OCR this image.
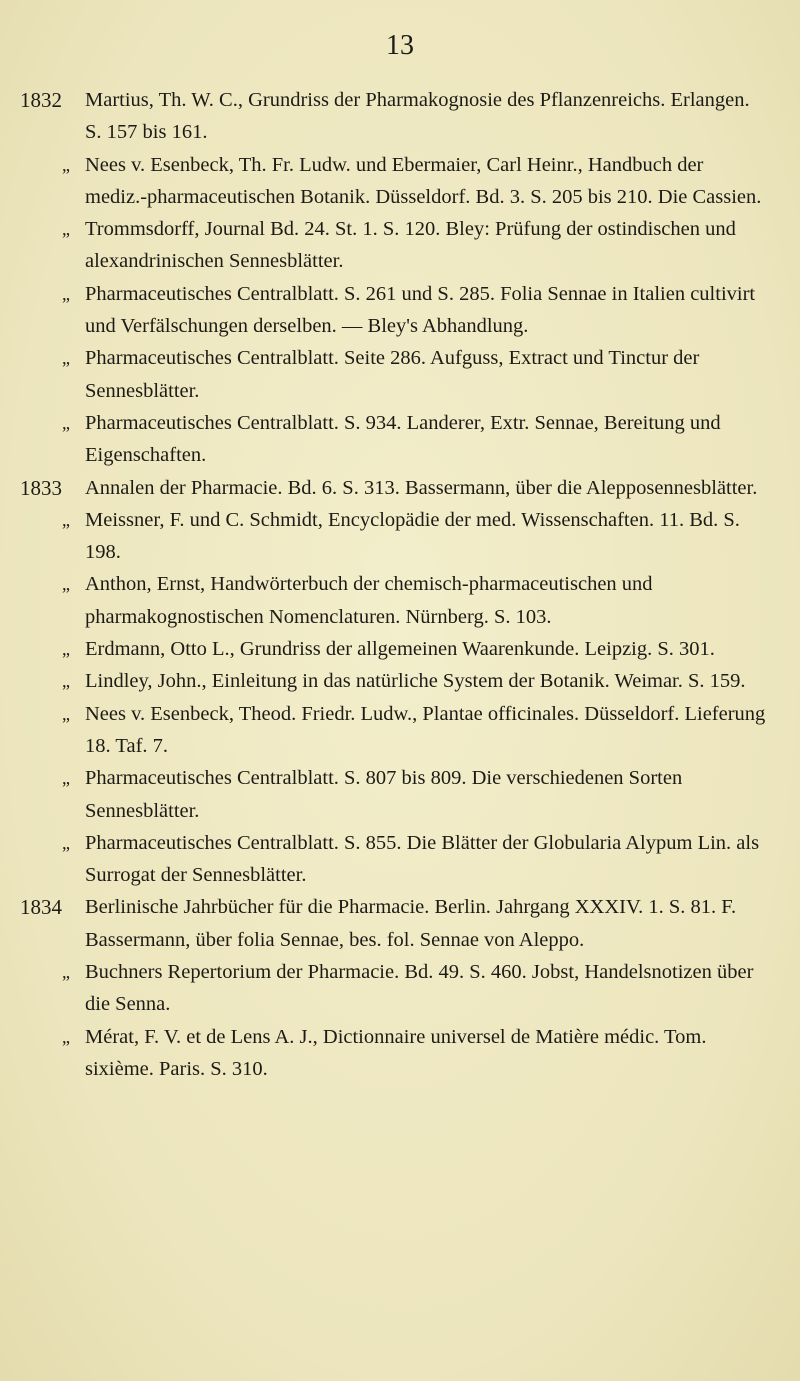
13
1832	Martius, Th. W. C., Grundriss der Pharmakognosie des Pflanzenreichs. Erlangen. S. 157 bis 161.
„ Nees v. Esenbeck, Th. Fr. Ludw. und Ebermaier, Carl Heinr., Handbuch der mediz.-pharmaceutischen Botanik. Düsseldorf. Bd. 3. S. 205 bis 210. Die Cassien.
„ Trommsdorff, Journal Bd. 24. St. 1. S. 120. Bley: Prüfung der ostindischen und alexandrinischen Sennesblätter.
„ Pharmaceutisches Centralblatt. S. 261 und S. 285. Folia Sennae in Italien cultivirt und Verfälschungen derselben. — Bley's Abhandlung.
„ Pharmaceutisches Centralblatt. Seite 286. Aufguss, Extract und Tinctur der Sennesblätter.
„ Pharmaceutisches Centralblatt. S. 934. Landerer, Extr. Sennae, Bereitung und Eigenschaften.
1833	Annalen der Pharmacie. Bd. 6. S. 313. Bassermann, über die Alepposennesblätter.
„ Meissner, F. und C. Schmidt, Encyclopädie der med. Wissenschaften. 11. Bd. S. 198.
„ Anthon, Ernst, Handwörterbuch der chemisch-pharmaceutischen und pharmakognostischen Nomenclaturen. Nürnberg. S. 103.
„ Erdmann, Otto L., Grundriss der allgemeinen Waarenkunde. Leipzig. S. 301.
„ Lindley, John., Einleitung in das natürliche System der Botanik. Weimar. S. 159.
„ Nees v. Esenbeck, Theod. Friedr. Ludw., Plantae officinales. Düsseldorf. Lieferung 18. Taf. 7.
„ Pharmaceutisches Centralblatt. S. 807 bis 809. Die verschiedenen Sorten Sennesblätter.
„ Pharmaceutisches Centralblatt. S. 855. Die Blätter der Globularia Alypum Lin. als Surrogat der Sennesblätter.
1834	Berlinische Jahrbücher für die Pharmacie. Berlin. Jahrgang XXXIV. 1. S. 81. F. Bassermann, über folia Sennae, bes. fol. Sennae von Aleppo.
„ Buchners Repertorium der Pharmacie. Bd. 49. S. 460. Jobst, Handelsnotizen über die Senna.
„ Mérat, F. V. et de Lens A. J., Dictionnaire universel de Matière médic. Tom. sixième. Paris. S. 310.
